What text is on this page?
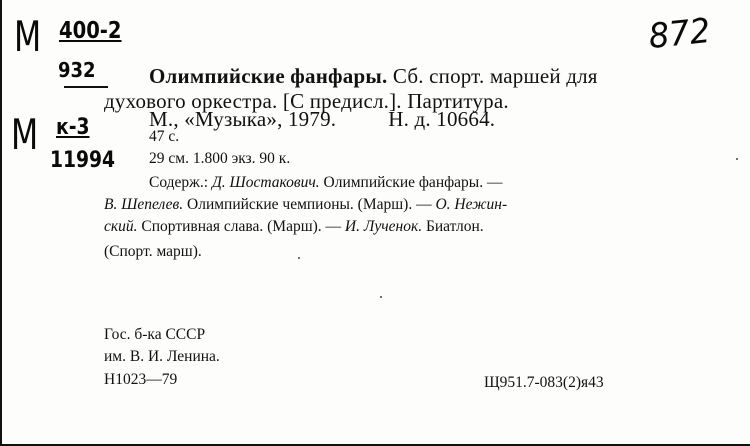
М 400-2
932
М к-3
11994
872
Олимпийские фанфары. Сб. спорт. маршей для
духового оркестра. [С предисл.]. Партитура.
М., «Музыка», 1979. Н. д. 10664.
47 с.
29 см. 1.800 экз. 90 к.
Содерж.: Д. Шостакович. Олимпийские фанфары. —
В. Шепелев. Олимпийские чемпионы. (Марш). — О. Нежин-
ский. Спортивная слава. (Марш). — И. Лученок. Биатлон.
(Спорт. марш).
Гос. б-ка СССР
им. В. И. Ленина.
Н1023—79	Щ951.7-083(2)я43
